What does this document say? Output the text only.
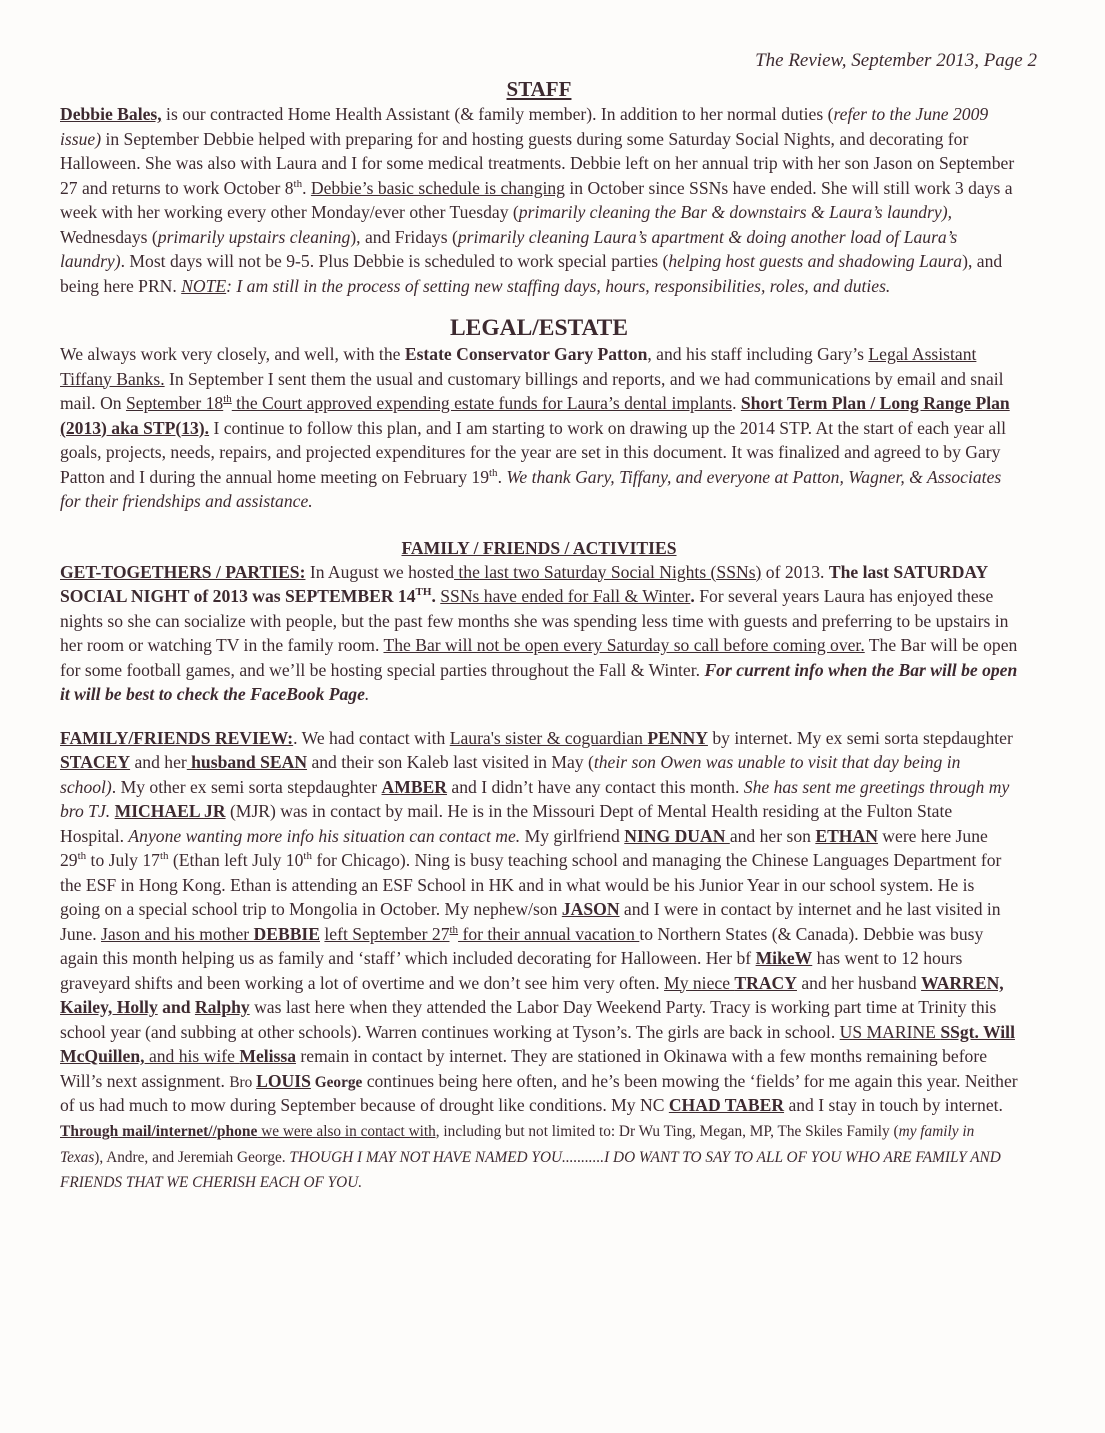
The Review, September 2013, Page 2
STAFF

Debbie Bales, is our contracted Home Health Assistant (& family member). In addition to her normal duties (refer to the June 2009 issue) in September Debbie helped with preparing for and hosting guests during some Saturday Social Nights, and decorating for Halloween. She was also with Laura and I for some medical treatments. Debbie left on her annual trip with her son Jason on September 27 and returns to work October 8th. Debbie’s basic schedule is changing in October since SSNs have ended. She will still work 3 days a week with her working every other Monday/ever other Tuesday (primarily cleaning the Bar & downstairs & Laura’s laundry), Wednesdays (primarily upstairs cleaning), and Fridays (primarily cleaning Laura’s apartment & doing another load of Laura’s laundry). Most days will not be 9-5. Plus Debbie is scheduled to work special parties (helping host guests and shadowing Laura), and being here PRN. NOTE: I am still in the process of setting new staffing days, hours, responsibilities, roles, and duties.

LEGAL/ESTATE

We always work very closely, and well, with the Estate Conservator Gary Patton, and his staff including Gary’s Legal Assistant Tiffany Banks. In September I sent them the usual and customary billings and reports, and we had communications by email and snail mail. On September 18th the Court approved expending estate funds for Laura’s dental implants. Short Term Plan / Long Range Plan (2013) aka STP(13). I continue to follow this plan, and I am starting to work on drawing up the 2014 STP. At the start of each year all goals, projects, needs, repairs, and projected expenditures for the year are set in this document. It was finalized and agreed to by Gary Patton and I during the annual home meeting on February 19th. We thank Gary, Tiffany, and everyone at Patton, Wagner, & Associates for their friendships and assistance.

FAMILY / FRIENDS / ACTIVITIES

GET-TOGETHERS / PARTIES: In August we hosted the last two Saturday Social Nights (SSNs) of 2013. The last SATURDAY SOCIAL NIGHT of 2013 was SEPTEMBER 14TH. SSNs have ended for Fall & Winter. For several years Laura has enjoyed these nights so she can socialize with people, but the past few months she was spending less time with guests and preferring to be upstairs in her room or watching TV in the family room. The Bar will not be open every Saturday so call before coming over. The Bar will be open for some football games, and we’ll be hosting special parties throughout the Fall & Winter. For current info when the Bar will be open it will be best to check the FaceBook Page.

FAMILY/FRIENDS REVIEW:. We had contact with Laura's sister & coguardian PENNY by internet. My ex semi sorta stepdaughter STACEY and her husband SEAN and their son Kaleb last visited in May (their son Owen was unable to visit that day being in school). My other ex semi sorta stepdaughter AMBER and I didn’t have any contact this month. She has sent me greetings through my bro TJ. MICHAEL JR (MJR) was in contact by mail. He is in the Missouri Dept of Mental Health residing at the Fulton State Hospital. Anyone wanting more info his situation can contact me. My girlfriend NING DUAN and her son ETHAN were here June 29th to July 17th (Ethan left July 10th for Chicago). Ning is busy teaching school and managing the Chinese Languages Department for the ESF in Hong Kong. Ethan is attending an ESF School in HK and in what would be his Junior Year in our school system. He is going on a special school trip to Mongolia in October. My nephew/son JASON and I were in contact by internet and he last visited in June. Jason and his mother DEBBIE left September 27th for their annual vacation to Northern States (& Canada). Debbie was busy again this month helping us as family and ‘staff’ which included decorating for Halloween. Her bf MikeW has went to 12 hours graveyard shifts and been working a lot of overtime and we don’t see him very often. My niece TRACY and her husband WARREN, Kailey, Holly and Ralphy was last here when they attended the Labor Day Weekend Party. Tracy is working part time at Trinity this school year (and subbing at other schools). Warren continues working at Tyson’s. The girls are back in school. US MARINE SSgt. Will McQuillen, and his wife Melissa remain in contact by internet. They are stationed in Okinawa with a few months remaining before Will’s next assignment. Bro LOUIS George continues being here often, and he’s been mowing the ‘fields’ for me again this year. Neither of us had much to mow during September because of drought like conditions. My NC CHAD TABER and I stay in touch by internet. Through mail/internet//phone we were also in contact with, including but not limited to: Dr Wu Ting, Megan, MP, The Skiles Family (my family in Texas), Andre, and Jeremiah George. THOUGH I MAY NOT HAVE NAMED YOU...........I DO WANT TO SAY TO ALL OF YOU WHO ARE FAMILY AND FRIENDS THAT WE CHERISH EACH OF YOU.
